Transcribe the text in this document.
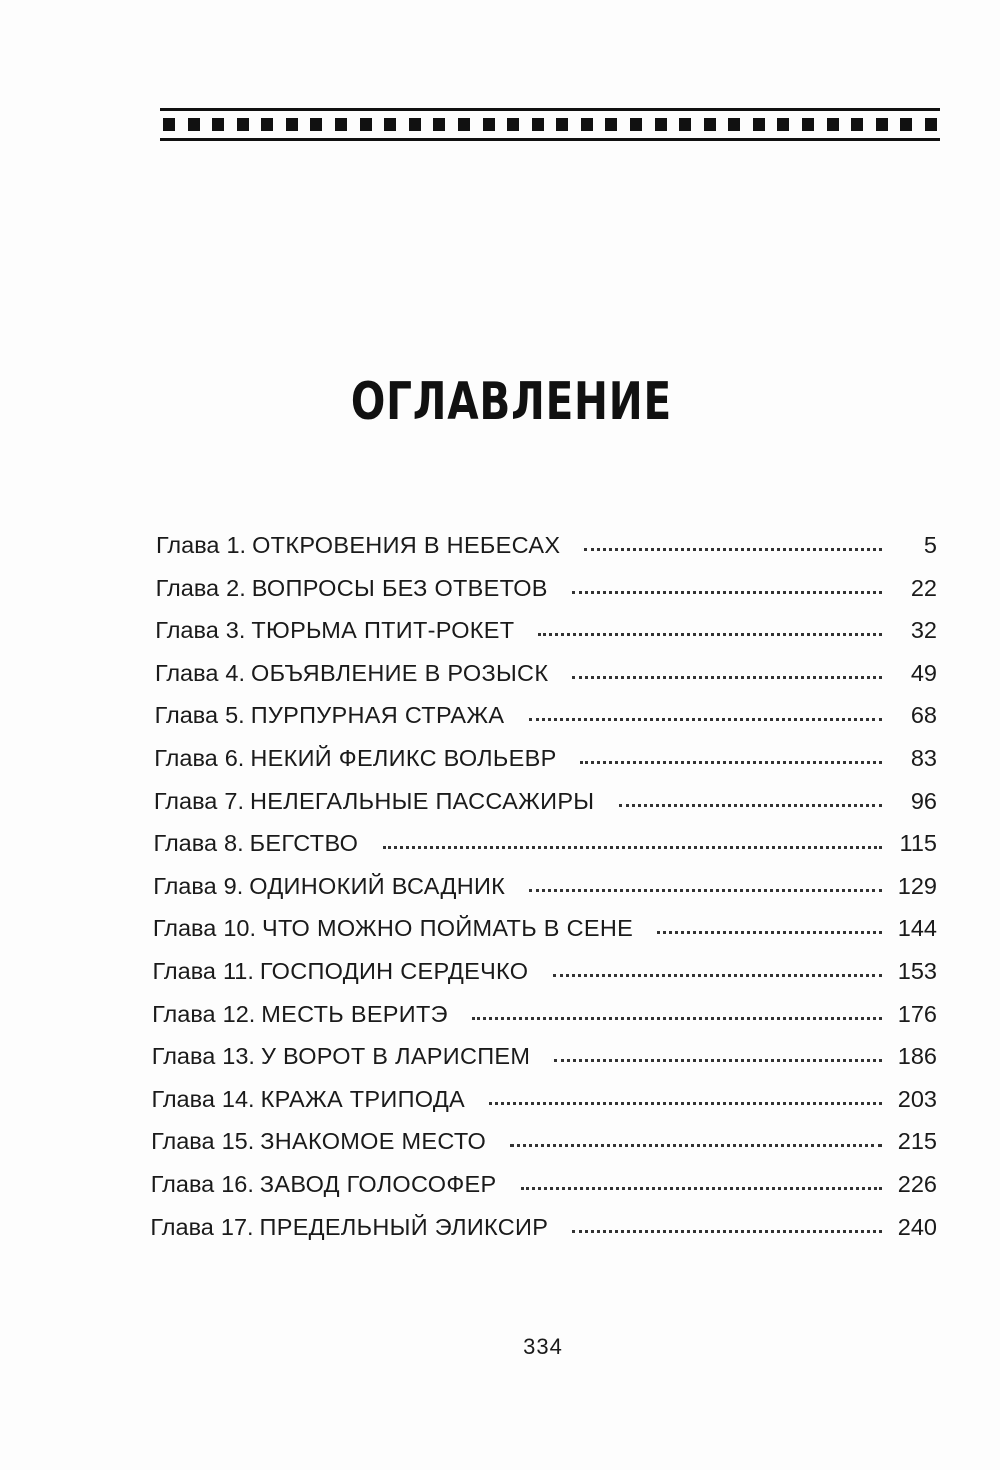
ОГЛАВЛЕНИЕ
Глава 1. ОТКРОВЕНИЯ В НЕБЕСАХ	5
Глава 2. ВОПРОСЫ БЕЗ ОТВЕТОВ	22
Глава 3. ТЮРЬМА ПТИТ-РОКЕТ	32
Глава 4. ОБЪЯВЛЕНИЕ В РОЗЫСК	49
Глава 5. ПУРПУРНАЯ СТРАЖА	68
Глава 6. НЕКИЙ ФЕЛИКС ВОЛЬЕВР	83
Глава 7. НЕЛЕГАЛЬНЫЕ ПАССАЖИРЫ	96
Глава 8. БЕГСТВО	115
Глава 9. ОДИНОКИЙ ВСАДНИК	129
Глава 10. ЧТО МОЖНО ПОЙМАТЬ В СЕНЕ	144
Глава 11. ГОСПОДИН СЕРДЕЧКО	153
Глава 12. МЕСТЬ ВЕРИТЭ	176
Глава 13. У ВОРОТ В ЛАРИСПЕМ	186
Глава 14. КРАЖА ТРИПОДА	203
Глава 15. ЗНАКОМОЕ МЕСТО	215
Глава 16. ЗАВОД ГОЛОСОФЕР	226
Глава 17. ПРЕДЕЛЬНЫЙ ЭЛИКСИР	240
334
